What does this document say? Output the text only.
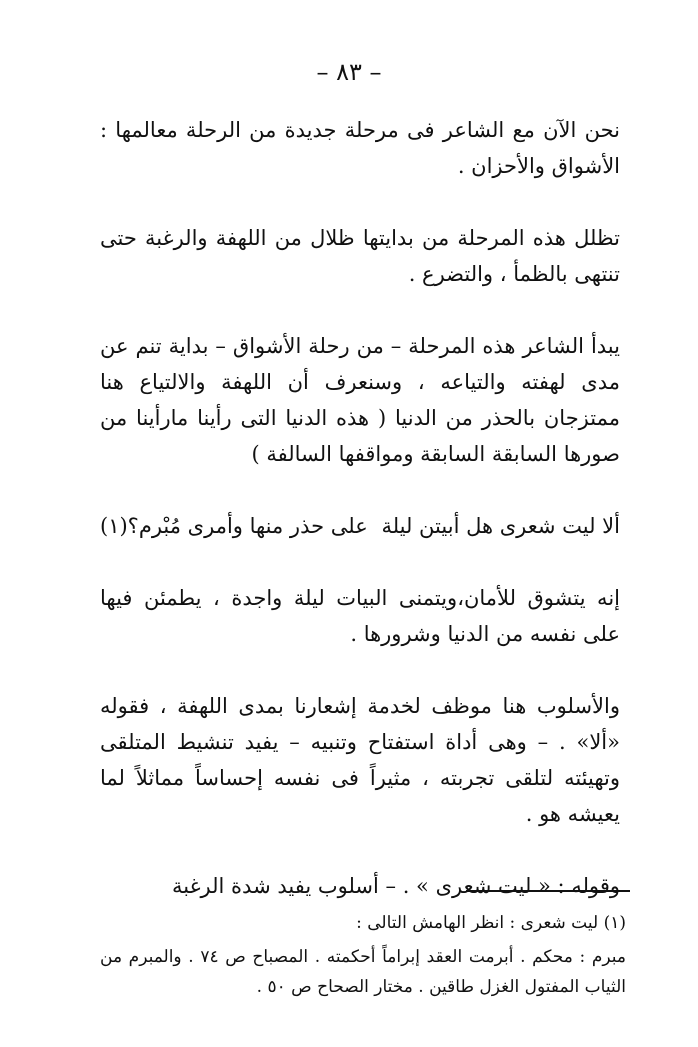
– ٨٣ –

نحن الآن مع الشاعر فى مرحلة جديدة من الرحلة معالمها : الأشواق والأحزان .

تظلل هذه المرحلة من بدايتها ظلال من اللهفة والرغبة حتى تنتهى بالظمأ ، والتضرع .

يبدأ الشاعر هذه المرحلة – من رحلة الأشواق – بداية تنم عن مدى لهفته والتياعه ، وسنعرف أن اللهفة والالتياع هنا ممتزجان بالحذر من الدنيا ( هذه الدنيا التى رأينا مارأينا من صورها السابقة السابقة ومواقفها السالفة )

ألا ليت شعرى هل أبيتن ليلة
على حذر منها وأمرى مُبْرم؟(١)

إنه يتشوق للأمان،ويتمنى البيات ليلة واجدة ، يطمئن فيها على نفسه من الدنيا وشرورها .

والأسلوب هنا موظف لخدمة إشعارنا بمدى اللهفة ، فقوله «ألا» . – وهى أداة استفتاح وتنبيه – يفيد تنشيط المتلقى وتهيئته لتلقى تجربته ، مثيراً فى نفسه إحساساً مماثلاً لما يعيشه هو .

وقوله : « ليت شعرى » . – أسلوب يفيد شدة الرغبة

(١) ليت شعرى : انظر الهامش التالى :

مبرم : محكم . أبرمت العقد إبراماً أحكمته . المصباح ص ٧٤ . والمبرم من الثياب المفتول الغزل طاقين . مختار الصحاح ص ٥٠ .
